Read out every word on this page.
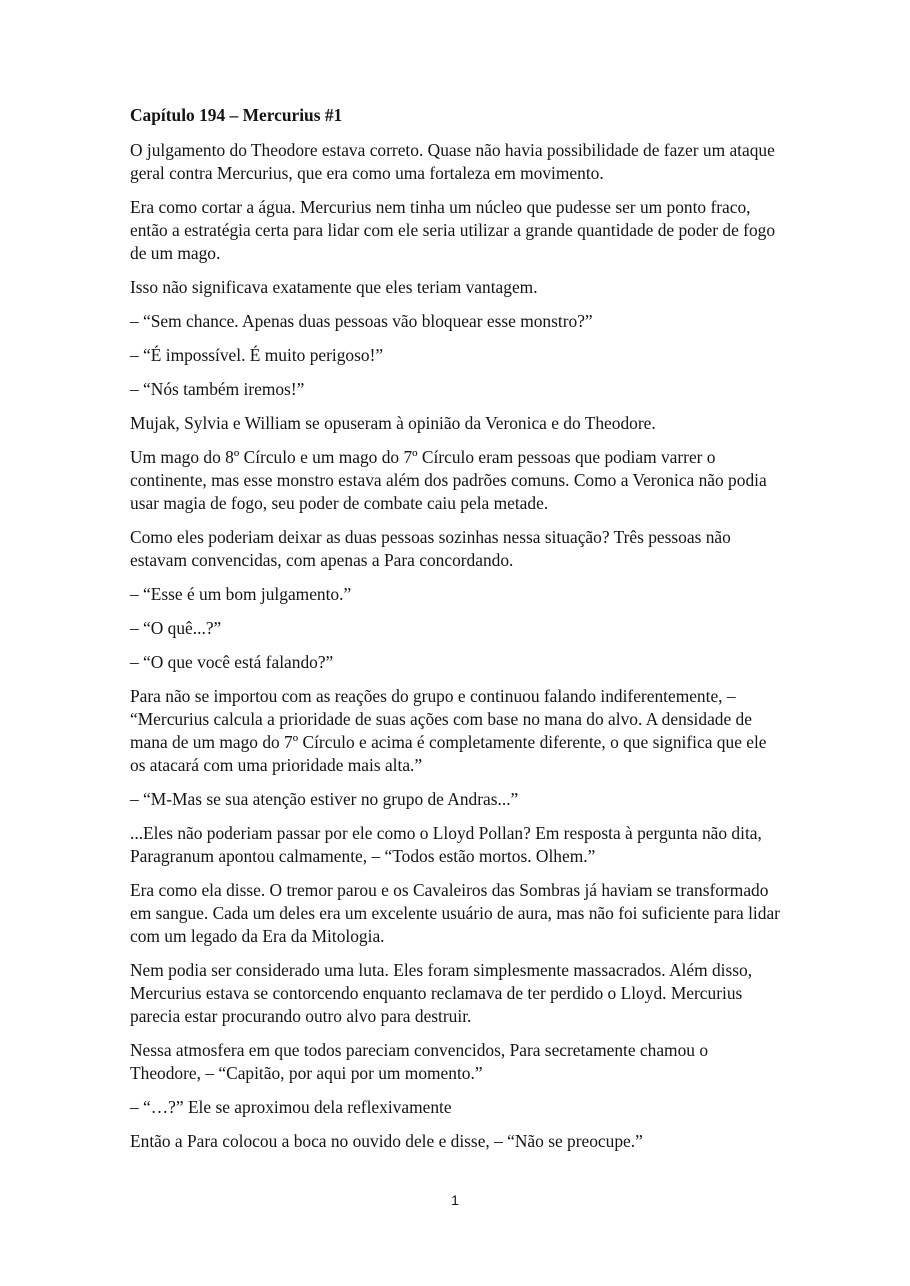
Capítulo 194 – Mercurius #1

O julgamento do Theodore estava correto. Quase não havia possibilidade de fazer um ataque geral contra Mercurius, que era como uma fortaleza em movimento.

Era como cortar a água. Mercurius nem tinha um núcleo que pudesse ser um ponto fraco, então a estratégia certa para lidar com ele seria utilizar a grande quantidade de poder de fogo de um mago.

Isso não significava exatamente que eles teriam vantagem.

– “Sem chance. Apenas duas pessoas vão bloquear esse monstro?”

– “É impossível. É muito perigoso!”

– “Nós também iremos!”

Mujak, Sylvia e William se opuseram à opinião da Veronica e do Theodore.

Um mago do 8º Círculo e um mago do 7º Círculo eram pessoas que podiam varrer o continente, mas esse monstro estava além dos padrões comuns. Como a Veronica não podia usar magia de fogo, seu poder de combate caiu pela metade.

Como eles poderiam deixar as duas pessoas sozinhas nessa situação? Três pessoas não estavam convencidas, com apenas a Para concordando.

– “Esse é um bom julgamento.”

– “O quê...?”

– “O que você está falando?”

Para não se importou com as reações do grupo e continuou falando indiferentemente, – “Mercurius calcula a prioridade de suas ações com base no mana do alvo. A densidade de mana de um mago do 7º Círculo e acima é completamente diferente, o que significa que ele os atacará com uma prioridade mais alta.”

– “M-Mas se sua atenção estiver no grupo de Andras...”

...Eles não poderiam passar por ele como o Lloyd Pollan? Em resposta à pergunta não dita, Paragranum apontou calmamente, – “Todos estão mortos. Olhem.”

Era como ela disse. O tremor parou e os Cavaleiros das Sombras já haviam se transformado em sangue. Cada um deles era um excelente usuário de aura, mas não foi suficiente para lidar com um legado da Era da Mitologia.

Nem podia ser considerado uma luta. Eles foram simplesmente massacrados. Além disso, Mercurius estava se contorcendo enquanto reclamava de ter perdido o Lloyd. Mercurius parecia estar procurando outro alvo para destruir.

Nessa atmosfera em que todos pareciam convencidos, Para secretamente chamou o Theodore, – “Capitão, por aqui por um momento.”

– “…?” Ele se aproximou dela reflexivamente

Então a Para colocou a boca no ouvido dele e disse, – “Não se preocupe.”

1
